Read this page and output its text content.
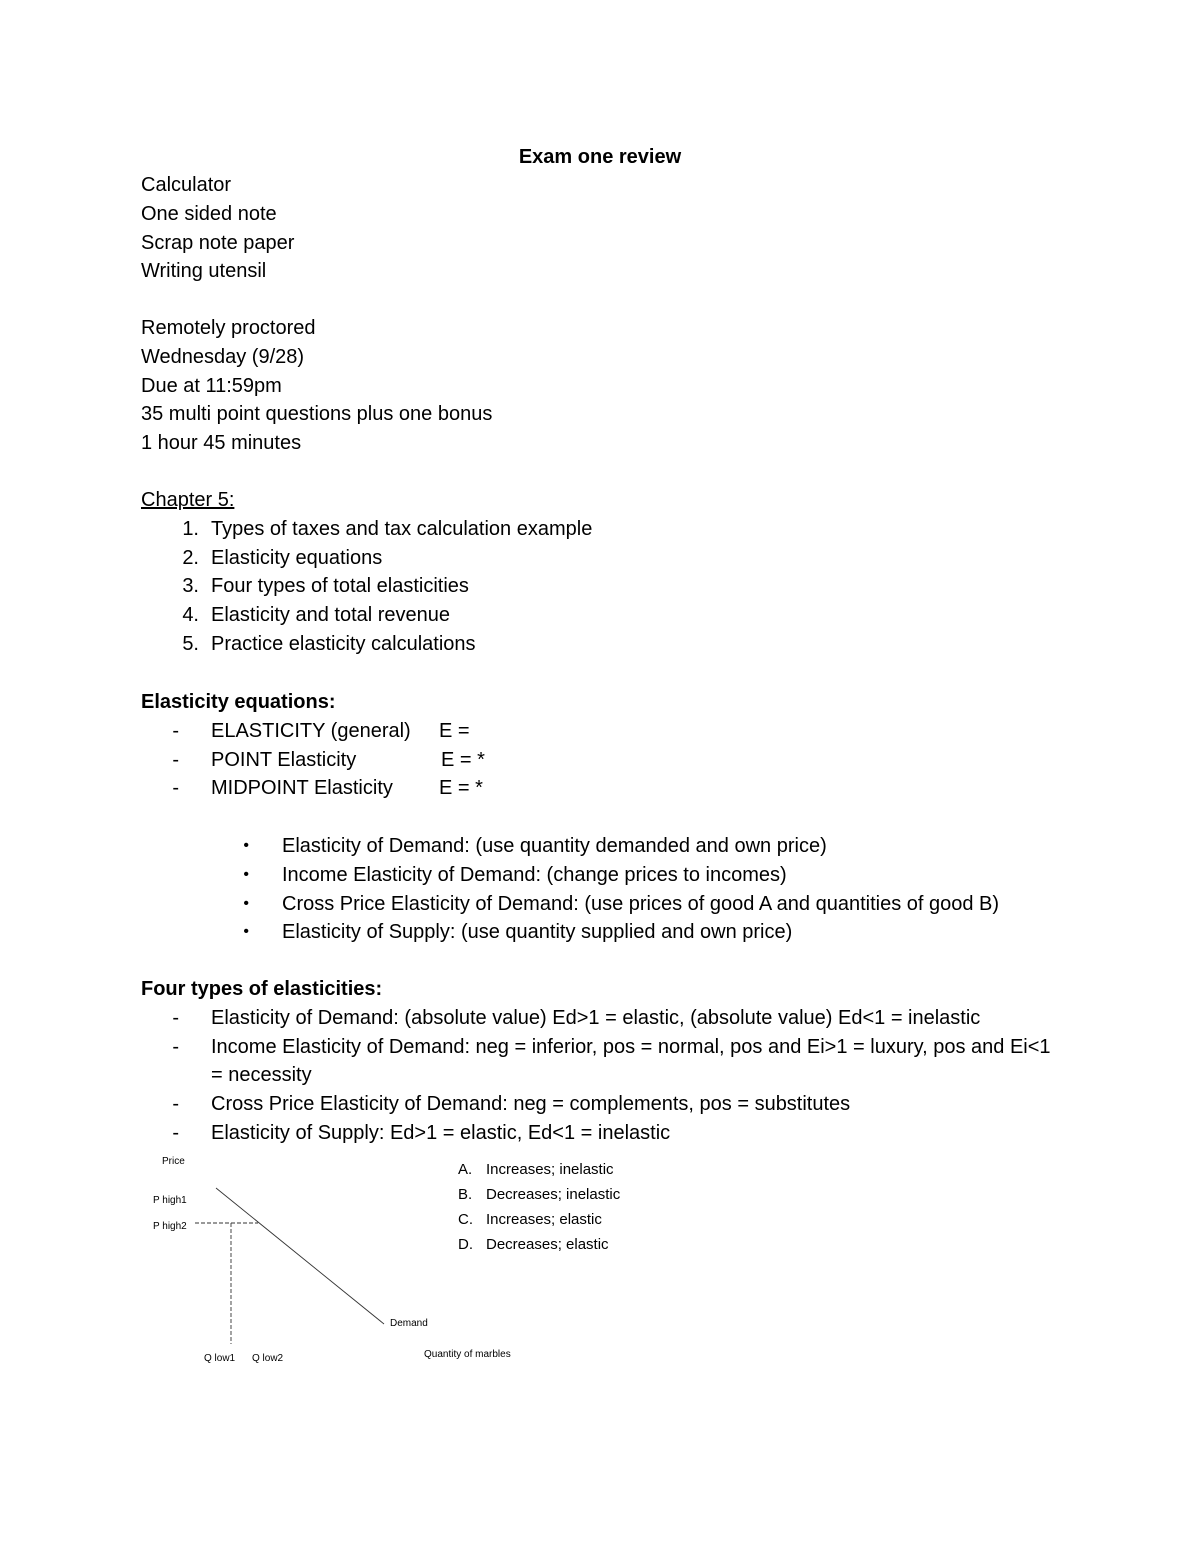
Exam one review

Calculator

One sided note

Scrap note paper

Writing utensil

Remotely proctored

Wednesday (9/28)

Due at 11:59pm

35 multi point questions plus one bonus

1 hour 45 minutes

Chapter 5:

1. Types of taxes and tax calculation example
2. Elasticity equations
3. Four types of total elasticities
4. Elasticity and total revenue
5. Practice elasticity calculations

Elasticity equations:

- ELASTICITY (general)	E =
- POINT Elasticity	E = *
- MIDPOINT Elasticity	E = *
• Elasticity of Demand: (use quantity demanded and own price)
• Income Elasticity of Demand: (change prices to incomes)
• Cross Price Elasticity of Demand: (use prices of good A and quantities of good B)
• Elasticity of Supply: (use quantity supplied and own price)

Four types of elasticities:

- Elasticity of Demand: (absolute value) Ed>1 = elastic, (absolute value) Ed<1 = inelastic
- Income Elasticity of Demand: neg = inferior, pos = normal, pos and Ei>1 = luxury, pos and Ei<1 = necessity
- Cross Price Elasticity of Demand: neg = complements, pos = substitutes
- Elasticity of Supply: Ed>1 = elastic, Ed<1 = inelastic
Price
P high1
P high2
Demand
Q low1 Q low2	Quantity of marbles
A. Increases; inelastic
B. Decreases; inelastic
C. Increases; elastic
D. Decreases; elastic
